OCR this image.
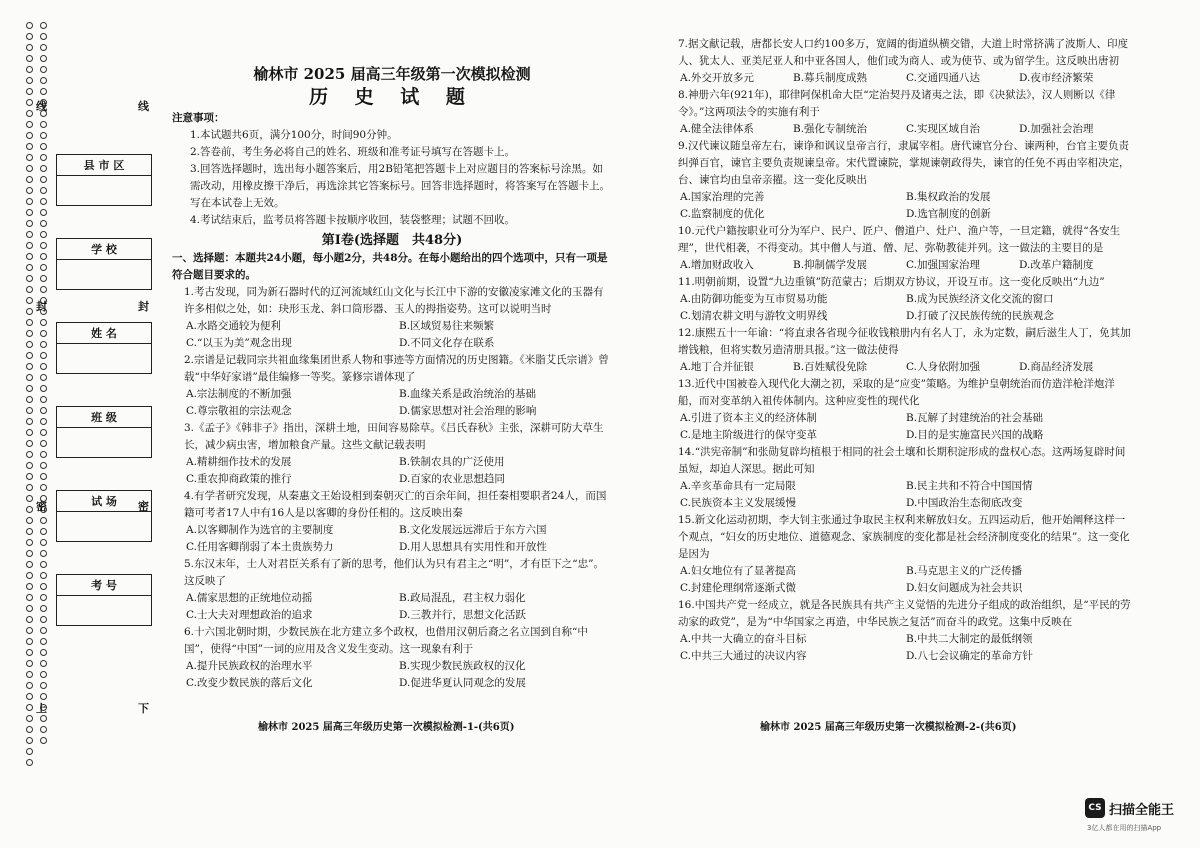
线	线
封	封
密	密
上	下
县 市 区
学 校
姓 名
班 级
试 场
考 号
榆林市 2025 届高三年级第一次模拟检测
历 史 试 题
注意事项：
1.本试题共6页，满分100分，时间90分钟。
2.答卷前，考生务必将自己的姓名、班级和准考证号填写在答题卡上。
3.回答选择题时，选出每小题答案后，用2B铅笔把答题卡上对应题目的答案标号涂黑。如需改动，用橡皮擦干净后，再选涂其它答案标号。回答非选择题时，将答案写在答题卡上。写在本试卷上无效。
4.考试结束后，监考员将答题卡按顺序收回，装袋整理；试题不回收。
第Ⅰ卷(选择题　共48分)
一、选择题：本题共24小题，每小题2分，共48分。在每小题给出的四个选项中，只有一项是符合题目要求的。
1.考古发现，同为新石器时代的辽河流域红山文化与长江中下游的安徽凌家滩文化的玉器有许多相似之处，如：玦形玉龙、斜口筒形器、玉人的拇指姿势。这可以说明当时
A.水路交通较为便利	B.区域贸易往来频繁
C.“以玉为美”观念出现	D.不同文化存在联系
2.宗谱是记载同宗共祖血缘集团世系人物和事迹等方面情况的历史图籍。《米脂艾氏宗谱》曾载“中华好家谱”最佳编修一等奖。篆修宗谱体现了
A.宗法制度的不断加强	B.血缘关系是政治统治的基础
C.尊宗敬祖的宗法观念	D.儒家思想对社会治理的影响
3.《孟子》《韩非子》指出，深耕土地，田间容易除草。《吕氏春秋》主张，深耕可防大草生长，减少病虫害，增加粮食产量。这些文献记载表明
A.精耕细作技术的发展	B.铁制农具的广泛使用
C.重农抑商政策的推行	D.百家的农业思想趋同
4.有学者研究发现，从秦惠文王始设相到秦朝灭亡的百余年间，担任秦相要职者24人，而国籍可考者17人中有16人是以客卿的身份任相的。这反映出秦
A.以客卿制作为选官的主要制度	B.文化发展远远滞后于东方六国
C.任用客卿削弱了本土贵族势力	D.用人思想具有实用性和开放性
5.东汉末年，士人对君臣关系有了新的思考，他们认为只有君主之“明”，才有臣下之“忠”。这反映了
A.儒家思想的正统地位动摇	B.政局混乱，君主权力弱化
C.士大夫对理想政治的追求	D.三教并行，思想文化活跃
6.十六国北朝时期，少数民族在北方建立多个政权，也借用汉朝后裔之名立国到自称“中国”，使得“中国”一词的应用及含义发生变动。这一现象有利于
A.提升民族政权的治理水平	B.实现少数民族政权的汉化
C.改变少数民族的落后文化	D.促进华夏认同观念的发展
7.据文献记载，唐都长安人口约100多万，宽阔的街道纵横交错，大道上时常挤满了波斯人、印度人、犹太人、亚美尼亚人和中亚各国人，他们或为商人、或为使节、或为留学生。这反映出唐初
A.外交开放多元	B.募兵制度成熟	C.交通四通八达	D.夜市经济繁荣
8.神册六年(921年)，耶律阿保机命大臣“定治契丹及诸夷之法，即《决狱法》，汉人则断以《律令》。”这两项法令的实施有利于
A.健全法律体系	B.强化专制统治	C.实现区域自治	D.加强社会治理
9.汉代谏议随皇帝左右，谏诤和讽议皇帝言行，隶属宰相。唐代谏官分台、谏两种，台官主要负责纠弹百官，谏官主要负责规谏皇帝。宋代置谏院，掌规谏朝政得失，谏官的任免不再由宰相决定，台、谏官均由皇帝亲擢。这一变化反映出
A.国家治理的完善	B.集权政治的发展
C.监察制度的优化	D.选官制度的创新
10.元代户籍按职业可分为军户、民户、匠户、僧道户、灶户、渔户等，一旦定籍，就得“各安生理”，世代相袭，不得变动。其中僧人与道、僧、尼、弥勒教徒并列。这一做法的主要目的是
A.增加财政收入	B.抑制儒学发展	C.加强国家治理	D.改革户籍制度
11.明朝前期，设置“九边重镇”防范蒙古；后期双方协议，开设互市。这一变化反映出“九边”
A.由防御功能变为互市贸易功能	B.成为民族经济文化交流的窗口
C.划清农耕文明与游牧文明界线	D.打破了汉民族传统的民族观念
12.康熙五十一年谕：“将直隶各省现今征收钱粮册内有名人丁，永为定数，嗣后滋生人丁，免其加增钱粮，但将实数另造清册具报。”这一做法使得
A.地丁合并征银	B.百姓赋役免除	C.人身依附加强	D.商品经济发展
13.近代中国被卷入现代化大潮之初，采取的是“应变”策略。为维护皇朝统治而仿造洋枪洋炮洋船，而对变革纳入祖传体制内。这种应变性的现代化
A.引进了资本主义的经济体制	B.瓦解了封建统治的社会基础
C.是地主阶级进行的保守变革	D.目的是实施富民兴国的战略
14.“洪宪帝制”和张勋复辟均植根于相同的社会土壤和长期积淀形成的盘权心态。这两场复辟时间虽短，却迫人深思。据此可知
A.辛亥革命具有一定局限	B.民主共和不符合中国国情
C.民族资本主义发展缓慢	D.中国政治生态彻底改变
15.新文化运动初期，李大钊主张通过争取民主权利来解放妇女。五四运动后，他开始阐释这样一个观点，“妇女的历史地位、道德观念、家族制度的变化都是社会经济制度变化的结果”。这一变化是因为
A.妇女地位有了显著提高	B.马克思主义的广泛传播
C.封建伦理纲常逐渐式微	D.妇女问题成为社会共识
16.中国共产党一经成立，就是各民族具有共产主义觉悟的先进分子组成的政治组织，是“平民的劳动家的政党”，是为“中华国家之再造，中华民族之复活”而奋斗的政党。这集中反映在
A.中共一大确立的奋斗目标	B.中共二大制定的最低纲领
C.中共三大通过的决议内容	D.八七会议确定的革命方针
榆林市 2025 届高三年级历史第一次模拟检测-1-(共6页)	榆林市 2025 届高三年级历史第一次模拟检测-2-(共6页)
CS 扫描全能王
3亿人都在用的扫描App
